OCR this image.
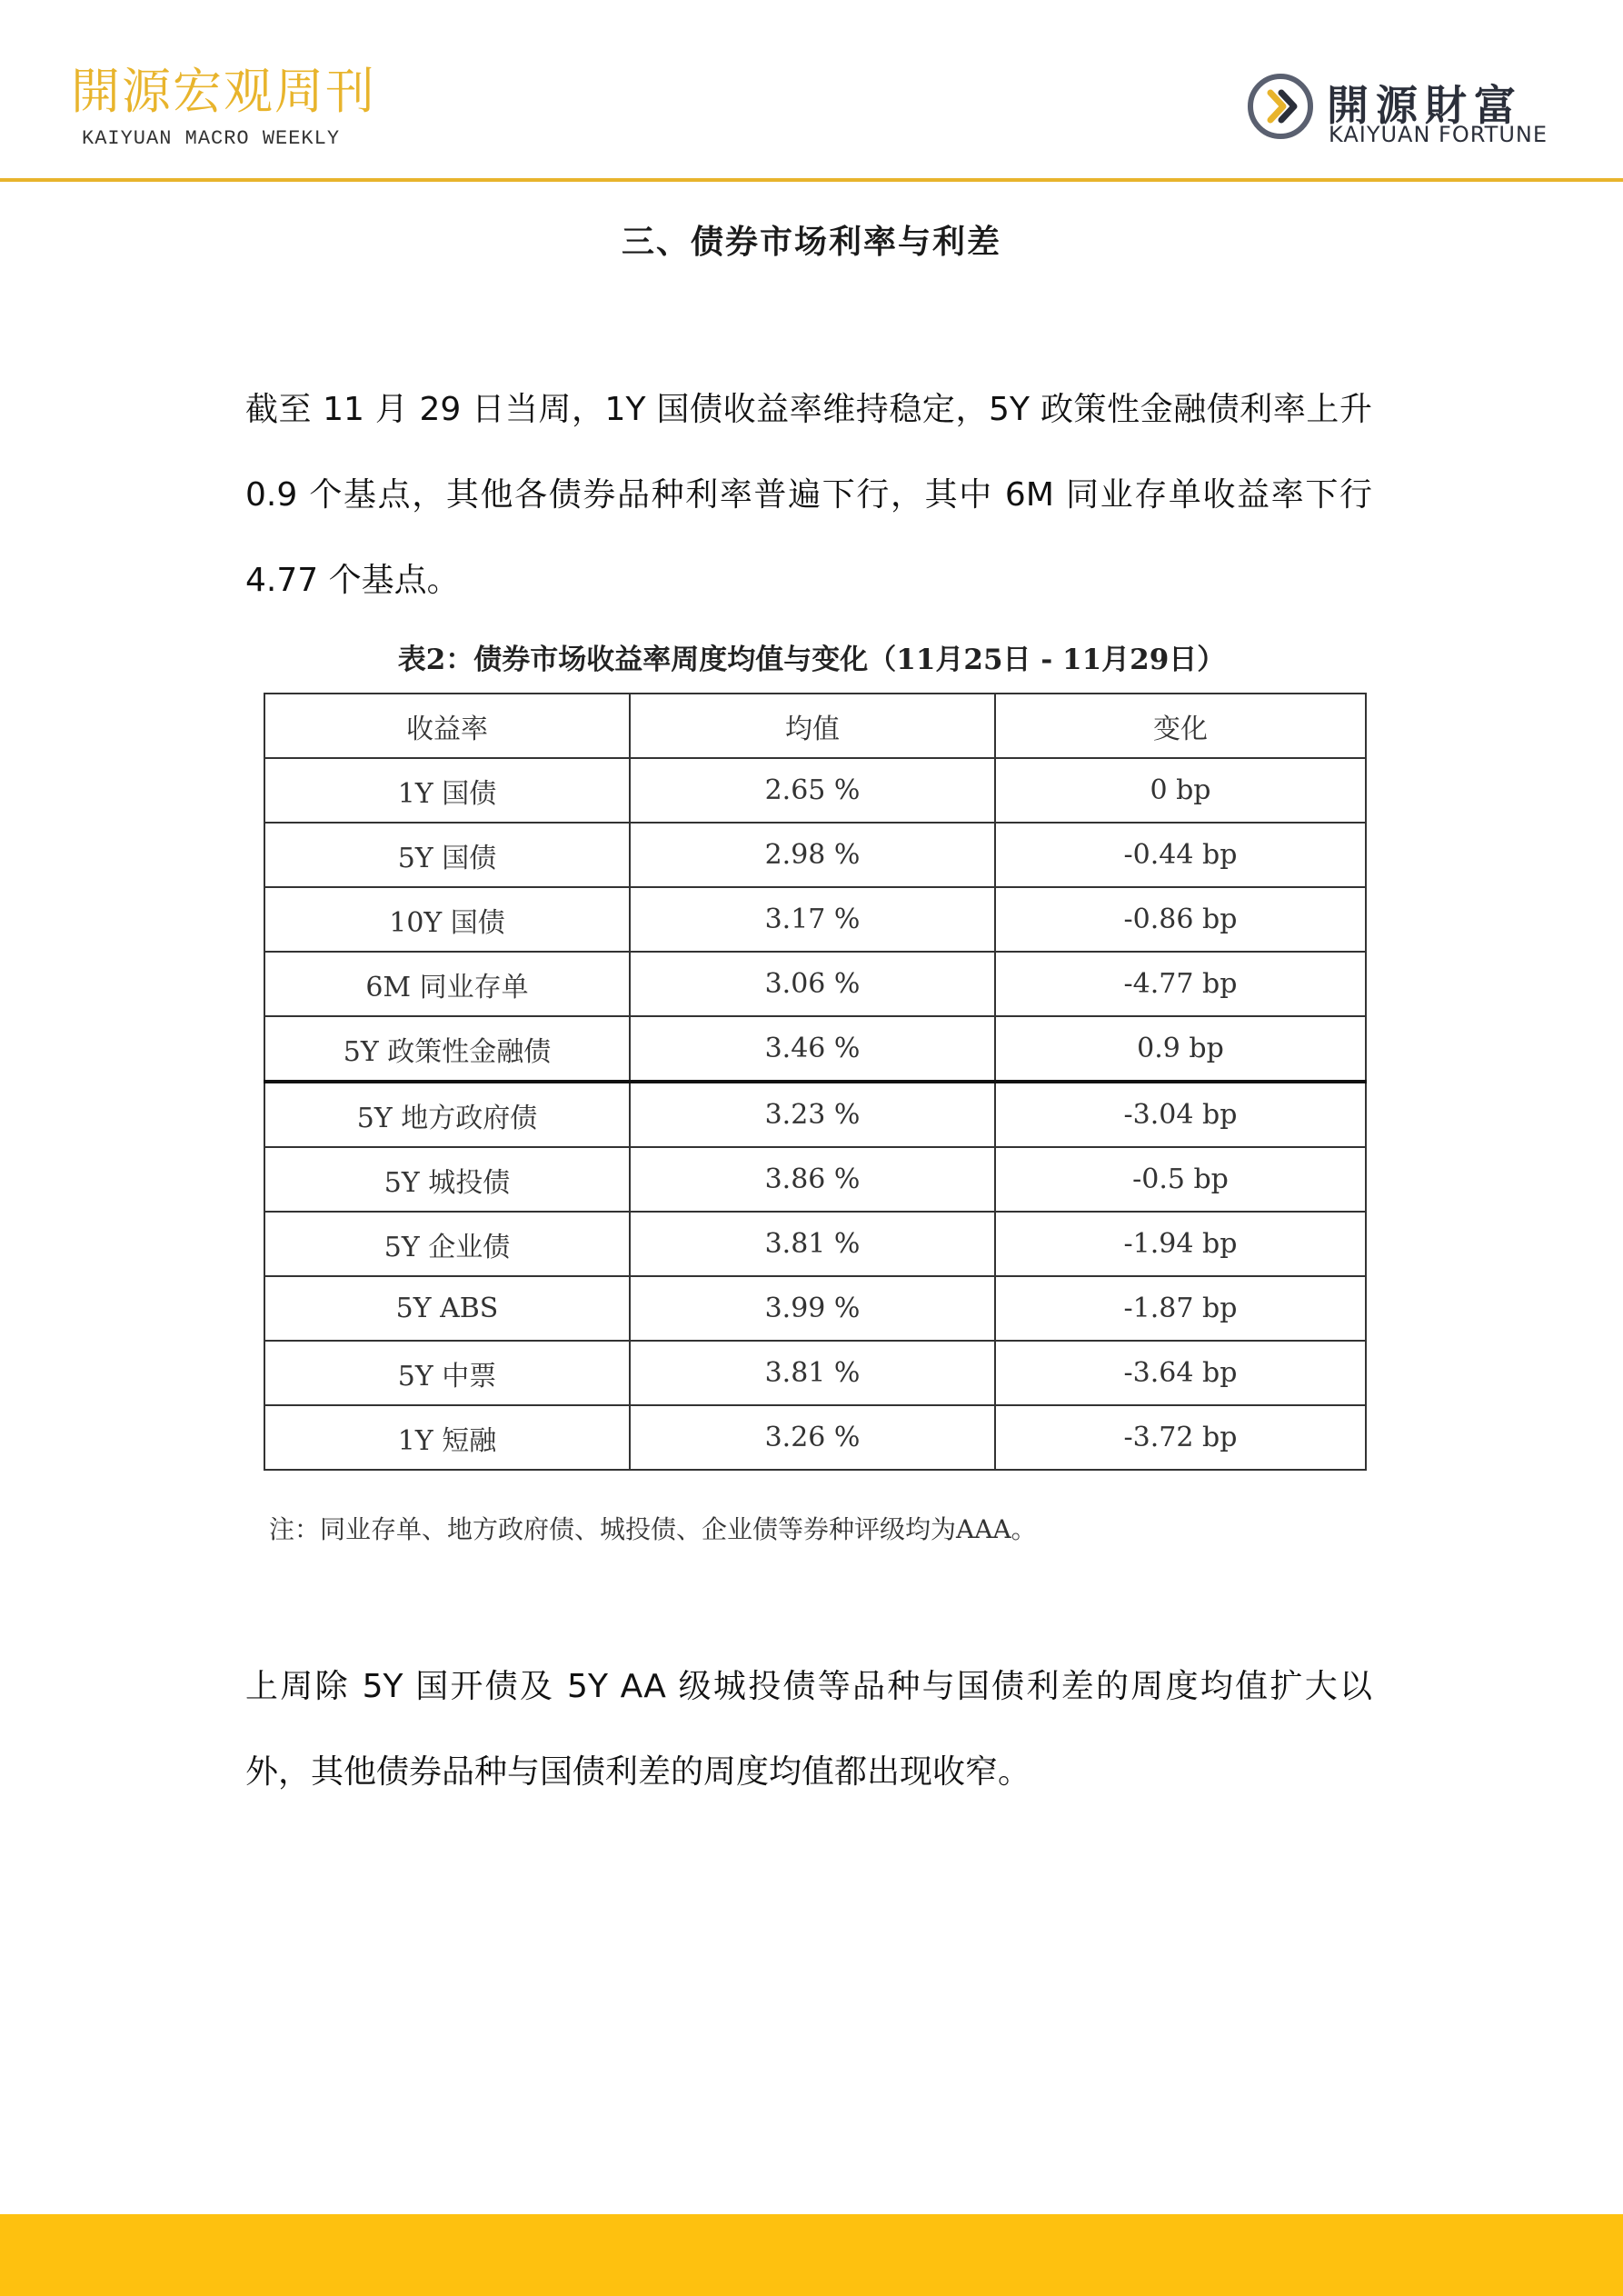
開源宏观周刊
KAIYUAN MACRO WEEKLY
開源財富
KAIYUAN FORTUNE
三、债券市场利率与利差

截至 11 月 29 日当周，1Y 国债收益率维持稳定，5Y 政策性金融债利率上升 0.9 个基点，其他各债券品种利率普遍下行，其中 6M 同业存单收益率下行 4.77 个基点。

表2：债券市场收益率周度均值与变化（11月25日 - 11月29日）
收益率	均值	变化
1Y 国债	2.65 %	0 bp
5Y 国债	2.98 %	-0.44 bp
10Y 国债	3.17 %	-0.86 bp
6M 同业存单	3.06 %	-4.77 bp
5Y 政策性金融债	3.46 %	0.9 bp
5Y 地方政府债	3.23 %	-3.04 bp
5Y 城投债	3.86 %	-0.5 bp
5Y 企业债	3.81 %	-1.94 bp
5Y ABS	3.99 %	-1.87 bp
5Y 中票	3.81 %	-3.64 bp
1Y 短融	3.26 %	-3.72 bp
注：同业存单、地方政府债、城投债、企业债等券种评级均为AAA。

上周除 5Y 国开债及 5Y AA 级城投债等品种与国债利差的周度均值扩大以外，其他债券品种与国债利差的周度均值都出现收窄。
